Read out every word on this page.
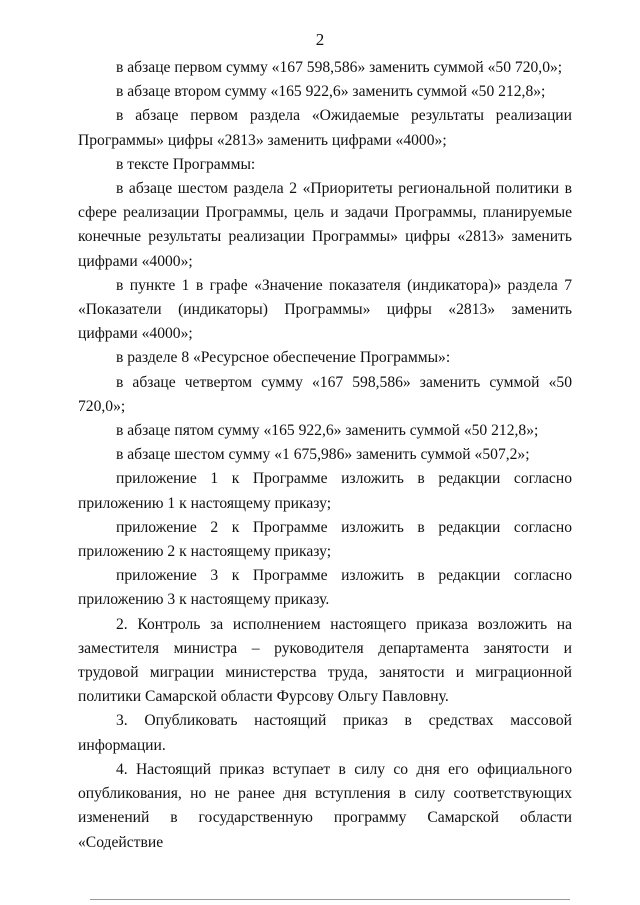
2

в абзаце первом сумму «167 598,586» заменить суммой «50 720,0»;

в абзаце втором сумму «165 922,6» заменить суммой «50 212,8»;

в абзаце первом раздела «Ожидаемые результаты реализации Программы» цифры «2813» заменить цифрами «4000»;

в тексте Программы:

в абзаце шестом раздела 2 «Приоритеты региональной политики в сфере реализации Программы, цель и задачи Программы, планируемые конечные результаты реализации Программы» цифры «2813» заменить цифрами «4000»;

в пункте 1 в графе «Значение показателя (индикатора)» раздела 7 «Показатели (индикаторы) Программы» цифры «2813» заменить цифрами «4000»;

в разделе 8 «Ресурсное обеспечение Программы»:

в абзаце четвертом сумму «167 598,586» заменить суммой «50 720,0»;

в абзаце пятом сумму «165 922,6» заменить суммой «50 212,8»;

в абзаце шестом сумму «1 675,986» заменить суммой «507,2»;

приложение 1 к Программе изложить в редакции согласно приложению 1 к настоящему приказу;

приложение 2 к Программе изложить в редакции согласно приложению 2 к настоящему приказу;

приложение 3 к Программе изложить в редакции согласно приложению 3 к настоящему приказу.

2. Контроль за исполнением настоящего приказа возложить на заместителя министра – руководителя департамента занятости и трудовой миграции министерства труда, занятости и миграционной политики Самарской области Фурсову Ольгу Павловну.

3. Опубликовать настоящий приказ в средствах массовой информации.

4. Настоящий приказ вступает в силу со дня его официального опубликования, но не ранее дня вступления в силу соответствующих изменений в государственную программу Самарской области «Содействие
